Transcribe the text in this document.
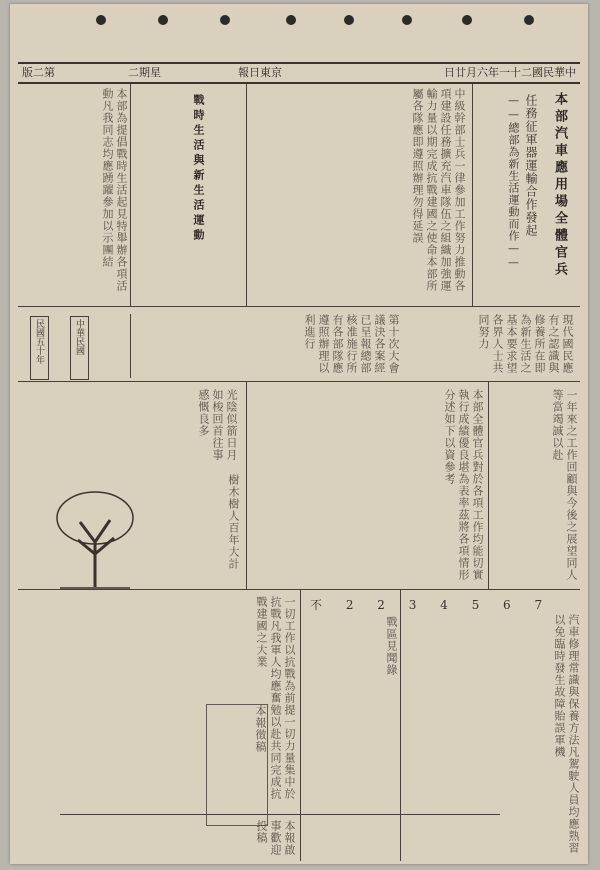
版二第	二期星	報日東京	日廿月六年一十二國民華中
本部汽車應用場全體官兵
任務征軍器運輸合作發起
——總部為新生活運動而作——
中級幹部士兵一律參加工作努力推動各項建設任務擴充汽車隊伍之組織加強運輸力量以期完成抗戰建國之使命本部所屬各隊應即遵照辦理勿得延誤
本部為提倡戰時生活起見特舉辦各項活動凡我同志均應踴躍參加以示團結	戰時生活與新生活運動
現代國民應有之認識與修養所在即為新生活之基本要求望各界人士共同努力
第十次大會議決各案經已呈報總部核准施行所有各部隊應遵照辦理以利進行
民國五十年	中華民國
一年來之工作回顧與今後之展望同人等當竭誠以赴
本部全體官兵對於各項工作均能切實執行成績優良堪為表率茲將各項情形分述如下以資參考
光陰似箭日月如梭回首往事感慨良多
樹木樹人百年大計
不 2 2 3 4 5 6 7
汽車修理常識與保養方法凡駕駛人員均應熟習以免臨時發生故障貽誤軍機
戰區見聞錄
一切工作以抗戰為前提一切力量集中於抗戰凡我軍人均應奮勉以赴共同完成抗戰建國之大業
本報啟事歡迎投稿
本報徵稿
